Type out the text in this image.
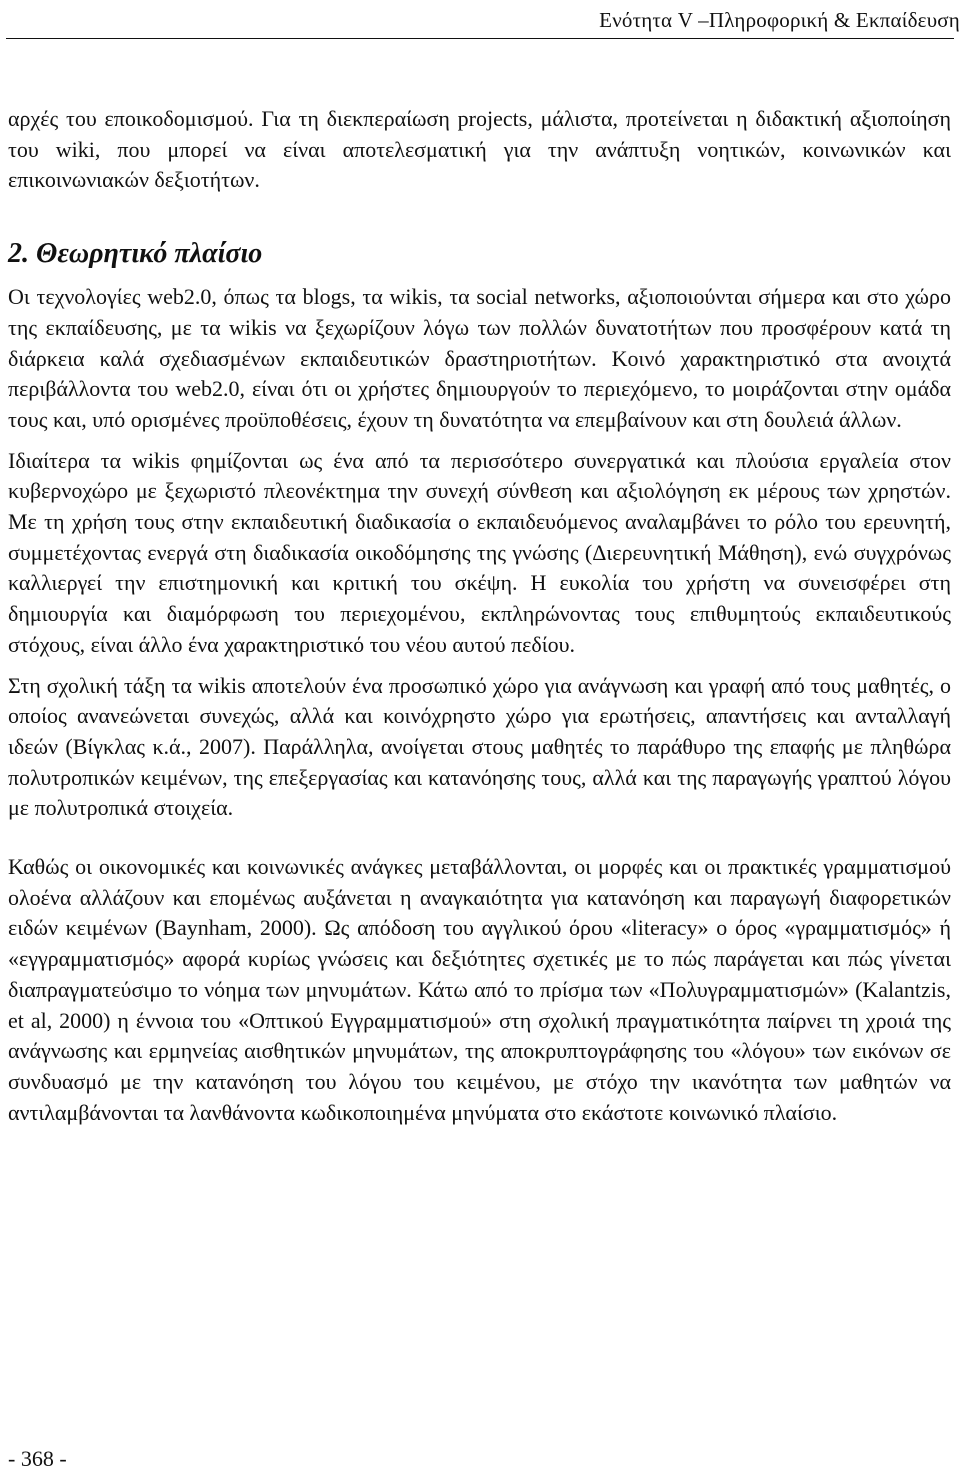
Ενότητα V –Πληροφορική & Εκπαίδευση

αρχές του εποικοδομισμού. Για τη διεκπεραίωση projects, μάλιστα, προτείνεται η διδακτική αξιοποίηση του wiki, που μπορεί να είναι αποτελεσματική για την ανάπτυξη νοητικών, κοινωνικών και επικοινωνιακών δεξιοτήτων.

2. Θεωρητικό πλαίσιο

Οι τεχνολογίες web2.0, όπως τα blogs, τα wikis, τα social networks, αξιοποιούνται σήμερα και στο χώρο της εκπαίδευσης, με τα wikis να ξεχωρίζουν λόγω των πολλών δυνατοτήτων που προσφέρουν κατά τη διάρκεια καλά σχεδιασμένων εκπαιδευτικών δραστηριοτήτων. Κοινό χαρακτηριστικό στα ανοιχτά περιβάλλοντα του web2.0, είναι ότι οι χρήστες δημιουργούν το περιεχόμενο, το μοιράζονται στην ομάδα τους και, υπό ορισμένες προϋποθέσεις, έχουν τη δυνατότητα να επεμβαίνουν και στη δουλειά άλλων.

Ιδιαίτερα τα wikis φημίζονται ως ένα από τα περισσότερο συνεργατικά και πλούσια εργαλεία στον κυβερνοχώρο με ξεχωριστό πλεονέκτημα την συνεχή σύνθεση και αξιολόγηση εκ μέρους των χρηστών. Με τη χρήση τους στην εκπαιδευτική διαδικασία ο εκπαιδευόμενος αναλαμβάνει το ρόλο του ερευνητή, συμμετέχοντας ενεργά στη διαδικασία οικοδόμησης της γνώσης (Διερευνητική Μάθηση), ενώ συγχρόνως καλλιεργεί την επιστημονική και κριτική του σκέψη. Η ευκολία του χρήστη να συνεισφέρει στη δημιουργία και διαμόρφωση του περιεχομένου, εκπληρώνοντας τους επιθυμητούς εκπαιδευτικούς στόχους, είναι άλλο ένα χαρακτηριστικό του νέου αυτού πεδίου.

Στη σχολική τάξη τα wikis αποτελούν ένα προσωπικό χώρο για ανάγνωση και γραφή από τους μαθητές, ο οποίος ανανεώνεται συνεχώς, αλλά και κοινόχρηστο χώρο για ερωτήσεις, απαντήσεις και ανταλλαγή ιδεών (Βίγκλας κ.ά., 2007). Παράλληλα, ανοίγεται στους μαθητές το παράθυρο της επαφής με πληθώρα πολυτροπικών κειμένων, της επεξεργασίας και κατανόησης τους, αλλά και της παραγωγής γραπτού λόγου με πολυτροπικά στοιχεία.

Καθώς οι οικονομικές και κοινωνικές ανάγκες μεταβάλλονται, οι μορφές και οι πρακτικές γραμματισμού ολοένα αλλάζουν και επομένως αυξάνεται η αναγκαιότητα για κατανόηση και παραγωγή διαφορετικών ειδών κειμένων (Baynham, 2000). Ως απόδοση του αγγλικού όρου «literacy» ο όρος «γραμματισμός» ή «εγγραμματισμός» αφορά κυρίως γνώσεις και δεξιότητες σχετικές με το πώς παράγεται και πώς γίνεται διαπραγματεύσιμο το νόημα των μηνυμάτων. Κάτω από το πρίσμα των «Πολυγραμματισμών» (Kalantzis, et al, 2000) η έννοια του «Οπτικού Εγγραμματισμού» στη σχολική πραγματικότητα παίρνει τη χροιά της ανάγνωσης και ερμηνείας αισθητικών μηνυμάτων, της αποκρυπτογράφησης του «λόγου» των εικόνων σε συνδυασμό με την κατανόηση του λόγου του κειμένου, με στόχο την ικανότητα των μαθητών να αντιλαμβάνονται τα λανθάνοντα κωδικοποιημένα μηνύματα στο εκάστοτε κοινωνικό πλαίσιο.

- 368 -
